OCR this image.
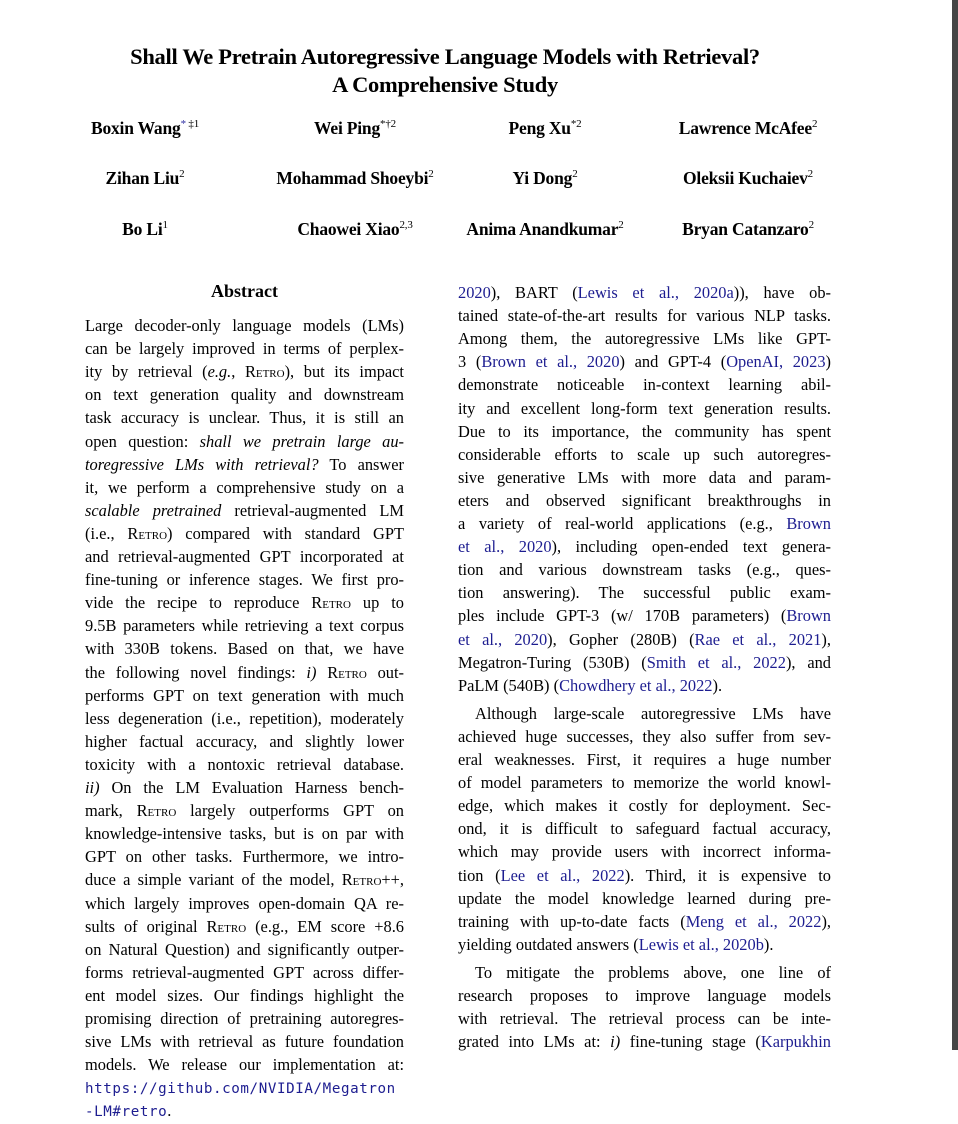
Shall We Pretrain Autoregressive Language Models with Retrieval?
A Comprehensive Study
Boxin Wang$^{* \ddagger 1}$	Wei Ping$^{*\dagger 2}$	Peng Xu$^{*2}$	Lawrence McAfee$^2$
Zihan Liu$^2$	Mohammad Shoeybi$^2$	Yi Dong$^2$	Oleksii Kuchaiev$^2$
Bo Li$^1$	Chaowei Xiao$^{2,3}$	Anima Anandkumar$^2$	Bryan Catanzaro$^2$
Abstract
Large decoder-only language models (LMs)
can be largely improved in terms of perplex-
ity by retrieval (e.g., Retro), but its impact
on text generation quality and downstream
task accuracy is unclear. Thus, it is still an
open question: shall we pretrain large au-
toregressive LMs with retrieval? To answer
it, we perform a comprehensive study on a
scalable pretrained retrieval-augmented LM
(i.e., Retro) compared with standard GPT
and retrieval-augmented GPT incorporated at
fine-tuning or inference stages. We first pro-
vide the recipe to reproduce Retro up to
9.5B parameters while retrieving a text corpus
with 330B tokens. Based on that, we have
the following novel findings: i) Retro out-
performs GPT on text generation with much
less degeneration (i.e., repetition), moderately
higher factual accuracy, and slightly lower
toxicity with a nontoxic retrieval database.
ii) On the LM Evaluation Harness bench-
mark, Retro largely outperforms GPT on
knowledge-intensive tasks, but is on par with
GPT on other tasks. Furthermore, we intro-
duce a simple variant of the model, Retro++,
which largely improves open-domain QA re-
sults of original Retro (e.g., EM score +8.6
on Natural Question) and significantly outper-
forms retrieval-augmented GPT across differ-
ent model sizes. Our findings highlight the
promising direction of pretraining autoregres-
sive LMs with retrieval as future foundation
models. We release our implementation at:
https://github.com/NVIDIA/Megatron
-LM#retro.
2020), BART (Lewis et al., 2020a)), have ob-
tained state-of-the-art results for various NLP tasks.
Among them, the autoregressive LMs like GPT-
3 (Brown et al., 2020) and GPT-4 (OpenAI, 2023)
demonstrate noticeable in-context learning abil-
ity and excellent long-form text generation results.
Due to its importance, the community has spent
considerable efforts to scale up such autoregres-
sive generative LMs with more data and param-
eters and observed significant breakthroughs in
a variety of real-world applications (e.g., Brown
et al., 2020), including open-ended text genera-
tion and various downstream tasks (e.g., ques-
tion answering). The successful public exam-
ples include GPT-3 (w/ 170B parameters) (Brown
et al., 2020), Gopher (280B) (Rae et al., 2021),
Megatron-Turing (530B) (Smith et al., 2022), and
PaLM (540B) (Chowdhery et al., 2022).
Although large-scale autoregressive LMs have
achieved huge successes, they also suffer from sev-
eral weaknesses. First, it requires a huge number
of model parameters to memorize the world knowl-
edge, which makes it costly for deployment. Sec-
ond, it is difficult to safeguard factual accuracy,
which may provide users with incorrect informa-
tion (Lee et al., 2022). Third, it is expensive to
update the model knowledge learned during pre-
training with up-to-date facts (Meng et al., 2022),
yielding outdated answers (Lewis et al., 2020b).
To mitigate the problems above, one line of
research proposes to improve language models
with retrieval. The retrieval process can be inte-
grated into LMs at: i) fine-tuning stage (Karpukhin
